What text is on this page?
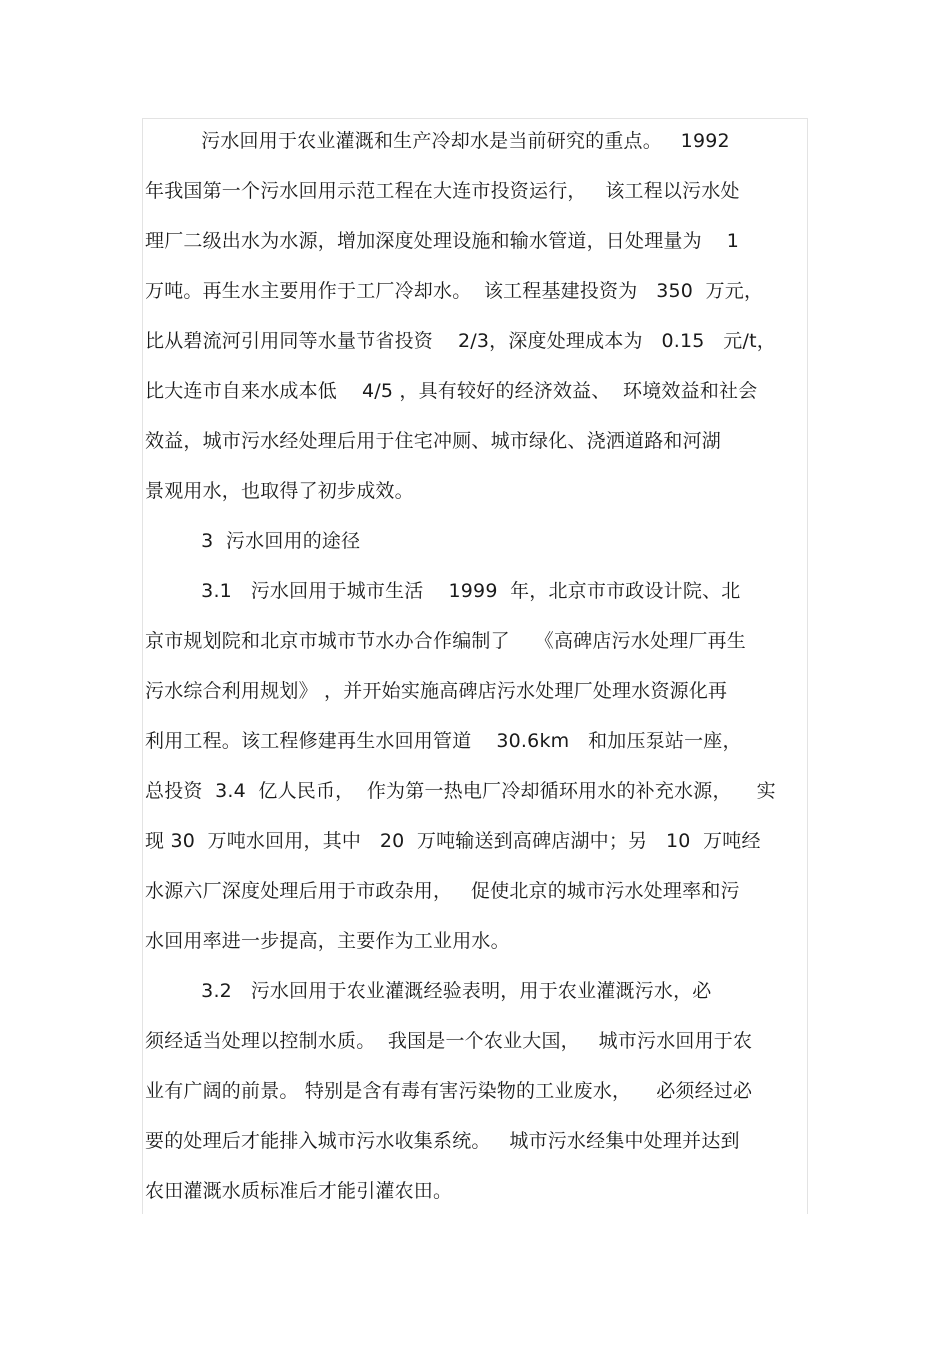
污水回用于农业灌溉和生产冷却水是当前研究的重点。   1992
年我国第一个污水回用示范工程在大连市投资运行，   该工程以污水处
理厂二级出水为水源，增加深度处理设施和输水管道，日处理量为    1
万吨。再生水主要用作于工厂冷却水。  该工程基建投资为   350  万元，
比从碧流河引用同等水量节省投资    2/3，深度处理成本为   0.15   元/t，
比大连市自来水成本低    4/5 ，具有较好的经济效益、  环境效益和社会
效益，城市污水经处理后用于住宅冲厕、城市绿化、浇洒道路和河湖
景观用水，也取得了初步成效。
3  污水回用的途径
3.1   污水回用于城市生活    1999  年，北京市市政设计院、北
京市规划院和北京市城市节水办合作编制了    《高碑店污水处理厂再生
污水综合利用规划》 ，并开始实施高碑店污水处理厂处理水资源化再
利用工程。该工程修建再生水回用管道    30.6km   和加压泵站一座，
总投资  3.4  亿人民币，  作为第一热电厂冷却循环用水的补充水源，    实
现 30  万吨水回用，其中   20  万吨输送到高碑店湖中；另   10  万吨经
水源六厂深度处理后用于市政杂用，   促使北京的城市污水处理率和污
水回用率进一步提高，主要作为工业用水。
3.2   污水回用于农业灌溉经验表明，用于农业灌溉污水，必
须经适当处理以控制水质。  我国是一个农业大国，   城市污水回用于农
业有广阔的前景。 特别是含有毒有害污染物的工业废水，    必须经过必
要的处理后才能排入城市污水收集系统。   城市污水经集中处理并达到
农田灌溉水质标准后才能引灌农田。
